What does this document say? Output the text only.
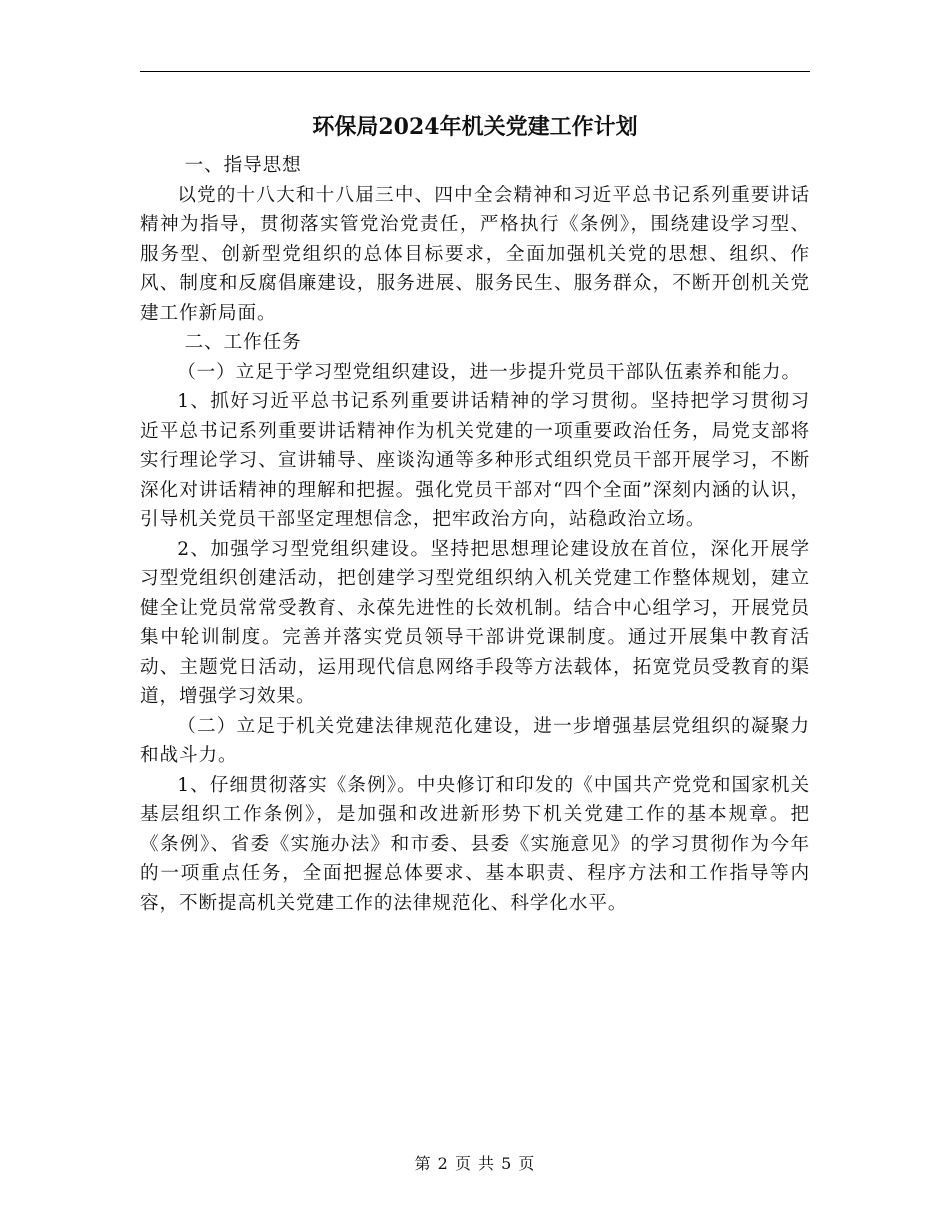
环保局2024年机关党建工作计划

一、指导思想

以党的十八大和十八届三中、四中全会精神和习近平总书记系列重要讲话精神为指导，贯彻落实管党治党责任，严格执行《条例》，围绕建设学习型、服务型、创新型党组织的总体目标要求，全面加强机关党的思想、组织、作风、制度和反腐倡廉建设，服务进展、服务民生、服务群众，不断开创机关党建工作新局面。

二、工作任务

（一）立足于学习型党组织建设，进一步提升党员干部队伍素养和能力。

1、抓好习近平总书记系列重要讲话精神的学习贯彻。坚持把学习贯彻习近平总书记系列重要讲话精神作为机关党建的一项重要政治任务，局党支部将实行理论学习、宣讲辅导、座谈沟通等多种形式组织党员干部开展学习，不断深化对讲话精神的理解和把握。强化党员干部对“四个全面”深刻内涵的认识，引导机关党员干部坚定理想信念，把牢政治方向，站稳政治立场。

2、加强学习型党组织建设。坚持把思想理论建设放在首位，深化开展学习型党组织创建活动，把创建学习型党组织纳入机关党建工作整体规划，建立健全让党员常常受教育、永葆先进性的长效机制。结合中心组学习，开展党员集中轮训制度。完善并落实党员领导干部讲党课制度。通过开展集中教育活动、主题党日活动，运用现代信息网络手段等方法载体，拓宽党员受教育的渠道，增强学习效果。

（二）立足于机关党建法律规范化建设，进一步增强基层党组织的凝聚力和战斗力。

1、仔细贯彻落实《条例》。中央修订和印发的《中国共产党党和国家机关基层组织工作条例》，是加强和改进新形势下机关党建工作的基本规章。把《条例》、省委《实施办法》和市委、县委《实施意见》的学习贯彻作为今年的一项重点任务，全面把握总体要求、基本职责、程序方法和工作指导等内容，不断提高机关党建工作的法律规范化、科学化水平。

第 2 页 共 5 页
